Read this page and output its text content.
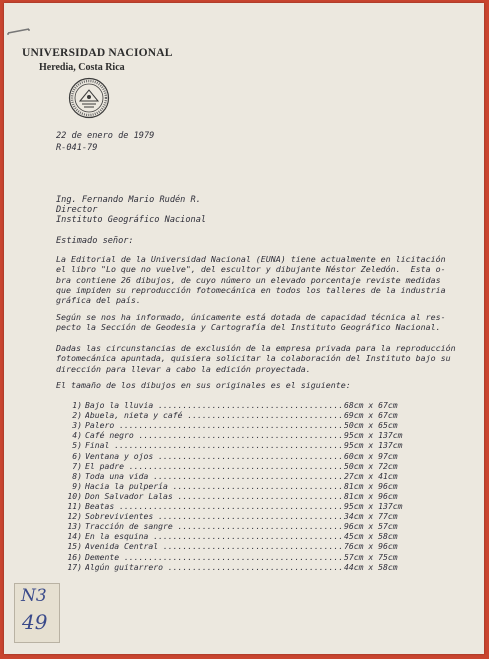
UNIVERSIDAD NACIONAL
Heredia, Costa Rica
22 de enero de 1979
R-041-79
Ing. Fernando Mario Rudén R.
Director
Instituto Geográfico Nacional
Estimado señor:
La Editorial de la Universidad Nacional (EUNA) tiene actualmente en licitación
el libro "Lo que no vuelve", del escultor y dibujante Néstor Zeledón.  Esta o-
bra contiene 26 dibujos, de cuyo número un elevado porcentaje reviste medidas
que impiden su reproducción fotomecánica en todos los talleres de la industria
gráfica del país.
Según se nos ha informado, únicamente está dotada de capacidad técnica al res-
pecto la Sección de Geodesia y Cartografía del Instituto Geográfico Nacional.
Dadas las circunstancias de exclusión de la empresa privada para la reproducción
fotomecánica apuntada, quisiera solicitar la colaboración del Instituto bajo su
dirección para llevar a cabo la edición proyectada.
El tamaño de los dibujos en sus originales es el siguiente:
1) Bajo la lluvia .....	68cm x 67cm
2) Abuela, nieta y café .....	69cm x 67cm
3) Palero .....	50cm x 65cm
4) Café negro .....	95cm x 137cm
5) Final .....	95cm x 137cm
6) Ventana y ojos .....	60cm x 97cm
7) El padre .....	50cm x 72cm
8) Toda una vida .....	27cm x 41cm
9) Hacia la pulpería .....	81cm x 96cm
10) Don Salvador Lalas .....	81cm x 96cm
11) Beatas .....	95cm x 137cm
12) Sobrevivientes .....	34cm x 77cm
13) Tracción de sangre .....	96cm x 57cm
14) En la esquina .....	45cm x 58cm
15) Avenida Central .....	76cm x 96cm
16) Demente .....	57cm x 75cm
17) Algún guitarrero .....	44cm x 58cm
N3
49
